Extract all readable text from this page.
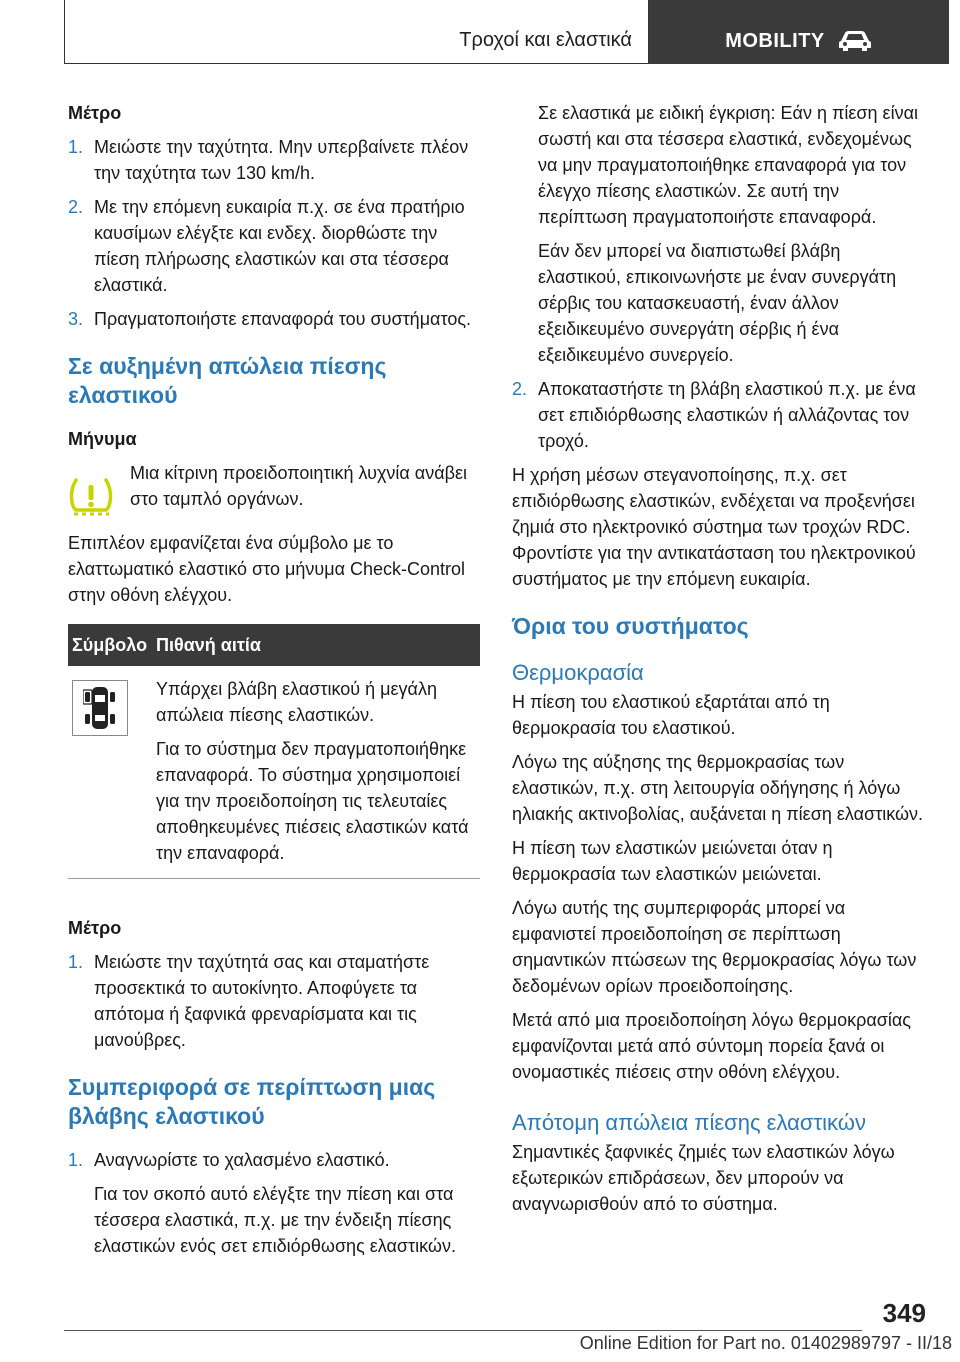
Τροχοί και ελαστικά	MOBILITY
Μέτρο
1. Μειώστε την ταχύτητα. Μην υπερβαίνετε πλέον την ταχύτητα των 130 km/h.
2. Με την επόμενη ευκαιρία π.χ. σε ένα πρατήριο καυσίμων ελέγξτε και ενδεχ. διορθώστε την πίεση πλήρωσης ελαστικών και στα τέσσερα ελαστικά.
3. Πραγματοποιήστε επαναφορά του συστήματος.
Σε αυξημένη απώλεια πίεσης ελαστικού
Μήνυμα
Μια κίτρινη προειδοποιητική λυχνία ανάβει στο ταμπλό οργάνων.
Επιπλέον εμφανίζεται ένα σύμβολο με το ελαττωματικό ελαστικό στο μήνυμα Check-Control στην οθόνη ελέγχου.
Σύμβολο	Πιθανή αιτία

Υπάρχει βλάβη ελαστικού ή μεγάλη απώλεια πίεσης ελαστικών.

Για το σύστημα δεν πραγματοποιήθηκε επαναφορά. Το σύστημα χρησιμοποιεί για την προειδοποίηση τις τελευταίες αποθηκευμένες πιέσεις ελαστικών κατά την επαναφορά.

Μέτρο
1. Μειώστε την ταχύτητά σας και σταματήστε προσεκτικά το αυτοκίνητο. Αποφύγετε τα απότομα ή ξαφνικά φρεναρίσματα και τις μανούβρες.
Συμπεριφορά σε περίπτωση μιας βλάβης ελαστικού
1. Αναγνωρίστε το χαλασμένο ελαστικό.

Για τον σκοπό αυτό ελέγξτε την πίεση και στα τέσσερα ελαστικά, π.χ. με την ένδειξη πίεσης ελαστικών ενός σετ επιδιόρθωσης ελαστικών.

Σε ελαστικά με ειδική έγκριση: Εάν η πίεση είναι σωστή και στα τέσσερα ελαστικά, ενδεχομένως να μην πραγματοποιήθηκε επαναφορά για τον έλεγχο πίεσης ελαστικών. Σε αυτή την περίπτωση πραγματοποιήστε επαναφορά.

Εάν δεν μπορεί να διαπιστωθεί βλάβη ελαστικού, επικοινωνήστε με έναν συνεργάτη σέρβις του κατασκευαστή, έναν άλλον εξειδικευμένο συνεργάτη σέρβις ή ένα εξειδικευμένο συνεργείο.

2. Αποκαταστήστε τη βλάβη ελαστικού π.χ. με ένα σετ επιδιόρθωσης ελαστικών ή αλλάζοντας τον τροχό.
Η χρήση μέσων στεγανοποίησης, π.χ. σετ επιδιόρθωσης ελαστικών, ενδέχεται να προξενήσει ζημιά στο ηλεκτρονικό σύστημα των τροχών RDC. Φροντίστε για την αντικατάσταση του ηλεκτρονικού συστήματος με την επόμενη ευκαιρία.
Όρια του συστήματος
Θερμοκρασία
Η πίεση του ελαστικού εξαρτάται από τη θερμοκρασία του ελαστικού.
Λόγω της αύξησης της θερμοκρασίας των ελαστικών, π.χ. στη λειτουργία οδήγησης ή λόγω ηλιακής ακτινοβολίας, αυξάνεται η πίεση ελαστικών.
Η πίεση των ελαστικών μειώνεται όταν η θερμοκρασία των ελαστικών μειώνεται.
Λόγω αυτής της συμπεριφοράς μπορεί να εμφανιστεί προειδοποίηση σε περίπτωση σημαντικών πτώσεων της θερμοκρασίας λόγω των δεδομένων ορίων προειδοποίησης.
Μετά από μια προειδοποίηση λόγω θερμοκρασίας εμφανίζονται μετά από σύντομη πορεία ξανά οι ονομαστικές πιέσεις στην οθόνη ελέγχου.
Απότομη απώλεια πίεσης ελαστικών
Σημαντικές ξαφνικές ζημιές των ελαστικών λόγω εξωτερικών επιδράσεων, δεν μπορούν να αναγνωρισθούν από το σύστημα.
349
Online Edition for Part no. 01402989797 - II/18
